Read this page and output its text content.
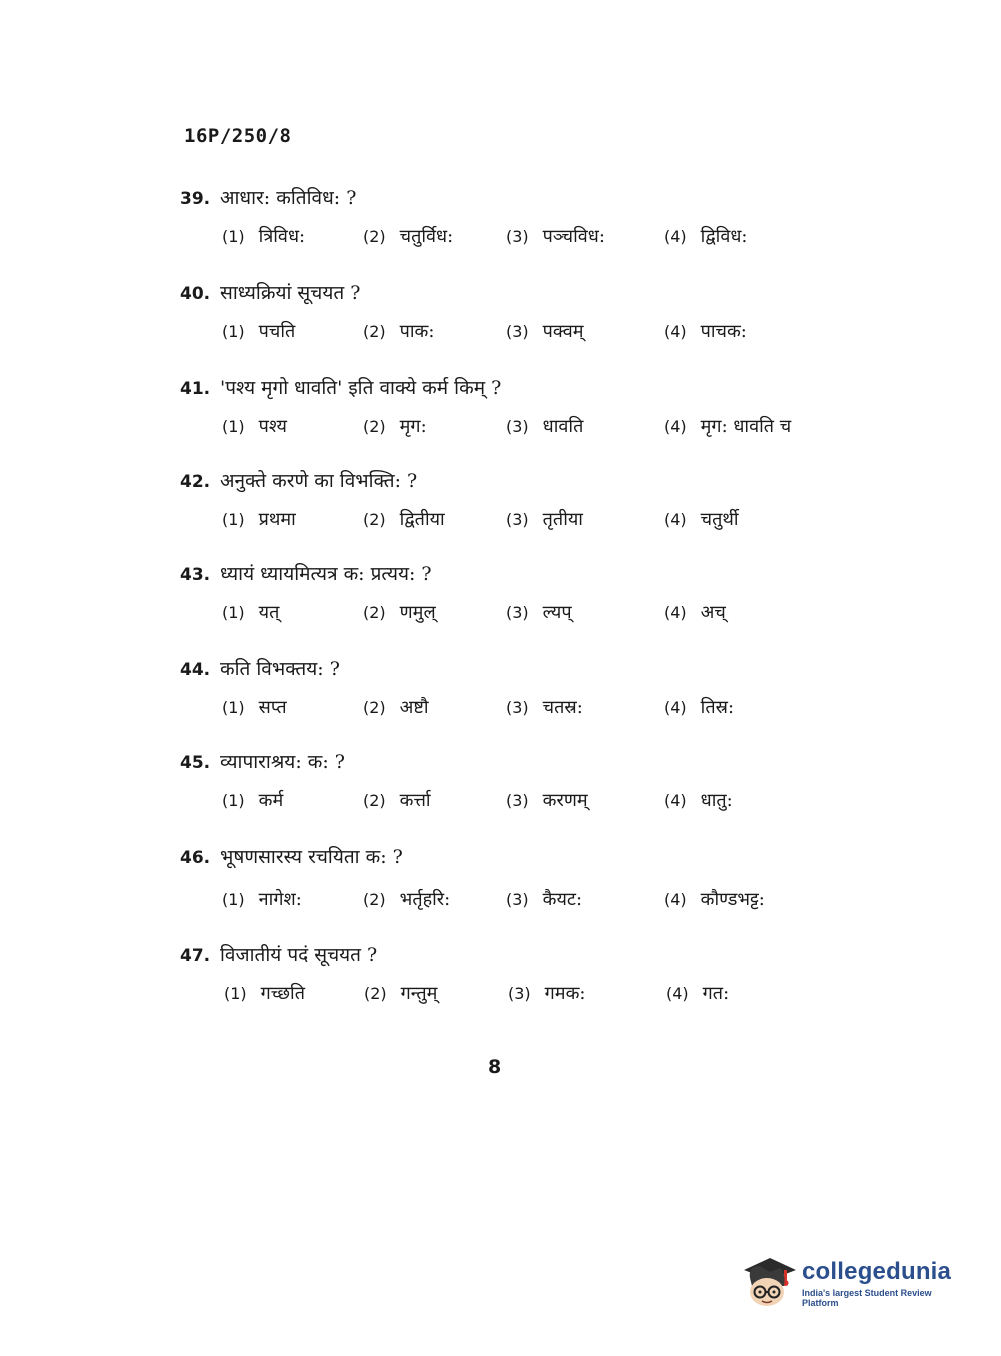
16P/250/8
39. आधार: कतिविध: ?
(1) त्रिविध:	(2) चतुर्विध:	(3) पञ्चविध:	(4) द्विविध:
40. साध्यक्रियां सूचयत ?
(1) पचति	(2) पाक:	(3) पक्वम्	(4) पाचक:
41. 'पश्य मृगो धावति' इति वाक्ये कर्म किम् ?
(1) पश्य	(2) मृग:	(3) धावति	(4) मृग: धावति च
42. अनुक्ते करणे का विभक्ति: ?
(1) प्रथमा	(2) द्वितीया	(3) तृतीया	(4) चतुर्थी
43. ध्यायं ध्यायमित्यत्र क: प्रत्यय: ?
(1) यत्	(2) णमुल्	(3) ल्यप्	(4) अच्
44. कति विभक्तय: ?
(1) सप्त	(2) अष्टौ	(3) चतस्र:	(4) तिस्र:
45. व्यापाराश्रय: क: ?
(1) कर्म	(2) कर्त्ता	(3) करणम्	(4) धातु:
46. भूषणसारस्य रचयिता क: ?
(1) नागेश:	(2) भर्तृहरि:	(3) कैयट:	(4) कौण्डभट्ट:
47. विजातीयं पदं सूचयत ?
(1) गच्छति	(2) गन्तुम्	(3) गमक:	(4) गत:
8
collegedunia
India's largest Student Review Platform
